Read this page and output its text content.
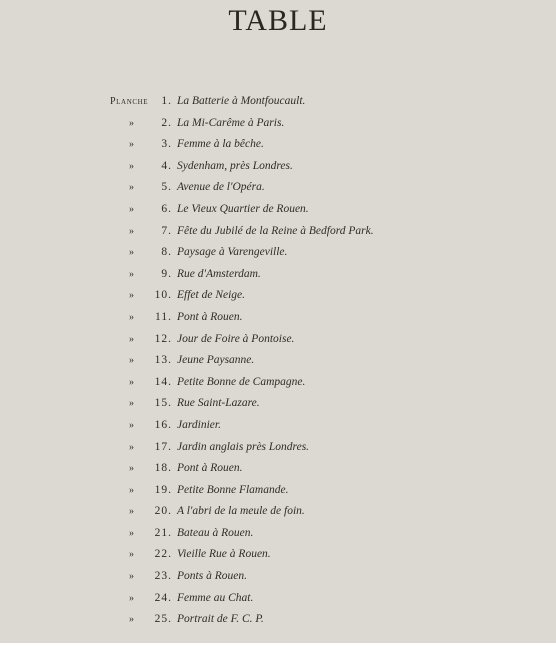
TABLE
Planche 1. La Batterie à Montfoucault.
» 2. La Mi-Carême à Paris.
» 3. Femme à la bêche.
» 4. Sydenham, près Londres.
» 5. Avenue de l'Opéra.
» 6. Le Vieux Quartier de Rouen.
» 7. Fête du Jubilé de la Reine à Bedford Park.
» 8. Paysage à Varengeville.
» 9. Rue d'Amsterdam.
» 10. Effet de Neige.
» 11. Pont à Rouen.
» 12. Jour de Foire à Pontoise.
» 13. Jeune Paysanne.
» 14. Petite Bonne de Campagne.
» 15. Rue Saint-Lazare.
» 16. Jardinier.
» 17. Jardin anglais près Londres.
» 18. Pont à Rouen.
» 19. Petite Bonne Flamande.
» 20. A l'abri de la meule de foin.
» 21. Bateau à Rouen.
» 22. Vieille Rue à Rouen.
» 23. Ponts à Rouen.
» 24. Femme au Chat.
» 25. Portrait de F. C. P.
